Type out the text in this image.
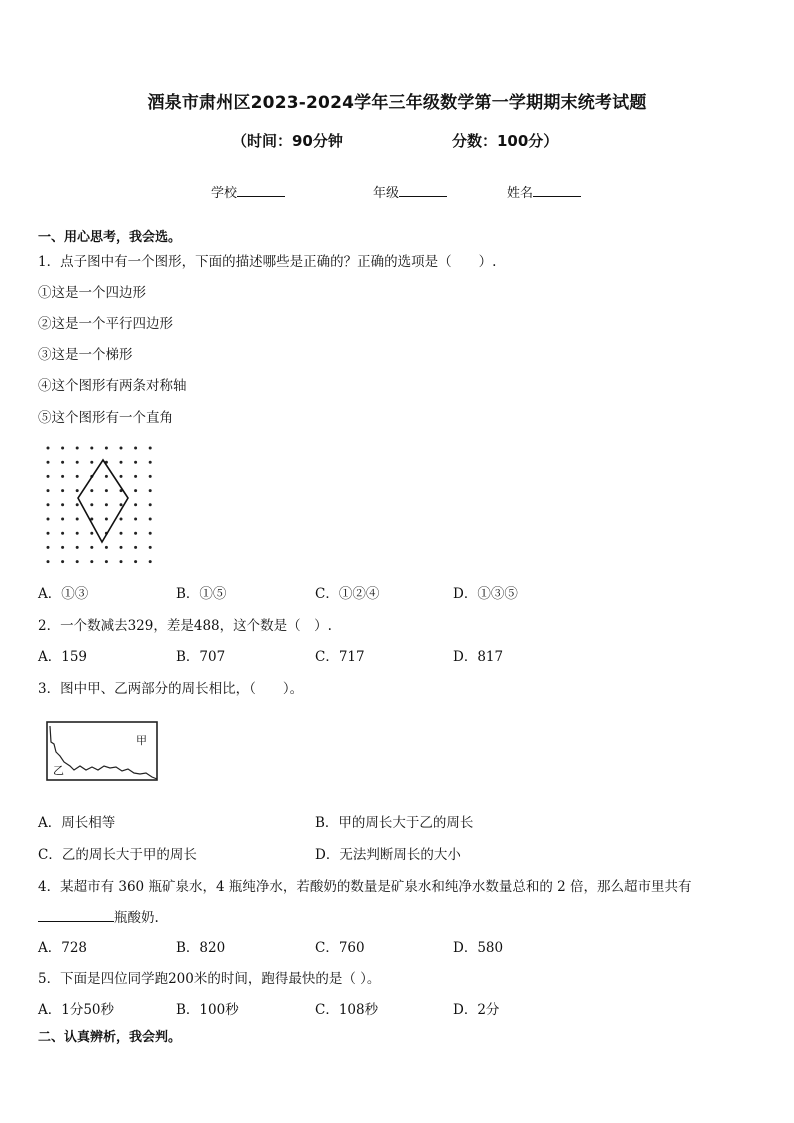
酒泉市肃州区2023-2024学年三年级数学第一学期期末统考试题
（时间：90分钟	分数：100分）
学校	年级	姓名
一、用心思考，我会选。
1．点子图中有一个图形，下面的描述哪些是正确的？正确的选项是（　　）.
①这是一个四边形
②这是一个平行四边形
③这是一个梯形
④这个图形有两条对称轴
⑤这个图形有一个直角
A．①③	B．①⑤	C．①②④	D．①③⑤
2．一个数减去329，差是488，这个数是（　）.
A．159	B．707	C．717	D．817
3．图中甲、乙两部分的周长相比，（　　）。
甲
乙
A．周长相等	B．甲的周长大于乙的周长
C．乙的周长大于甲的周长	D．无法判断周长的大小
4．某超市有 360 瓶矿泉水，4 瓶纯净水，若酸奶的数量是矿泉水和纯净水数量总和的 2 倍，那么超市里共有
瓶酸奶.
A．728	B．820	C．760	D．580
5．下面是四位同学跑200米的时间，跑得最快的是（ ）。
A．1分50秒	B．100秒	C．108秒	D．2分
二、认真辨析，我会判。
